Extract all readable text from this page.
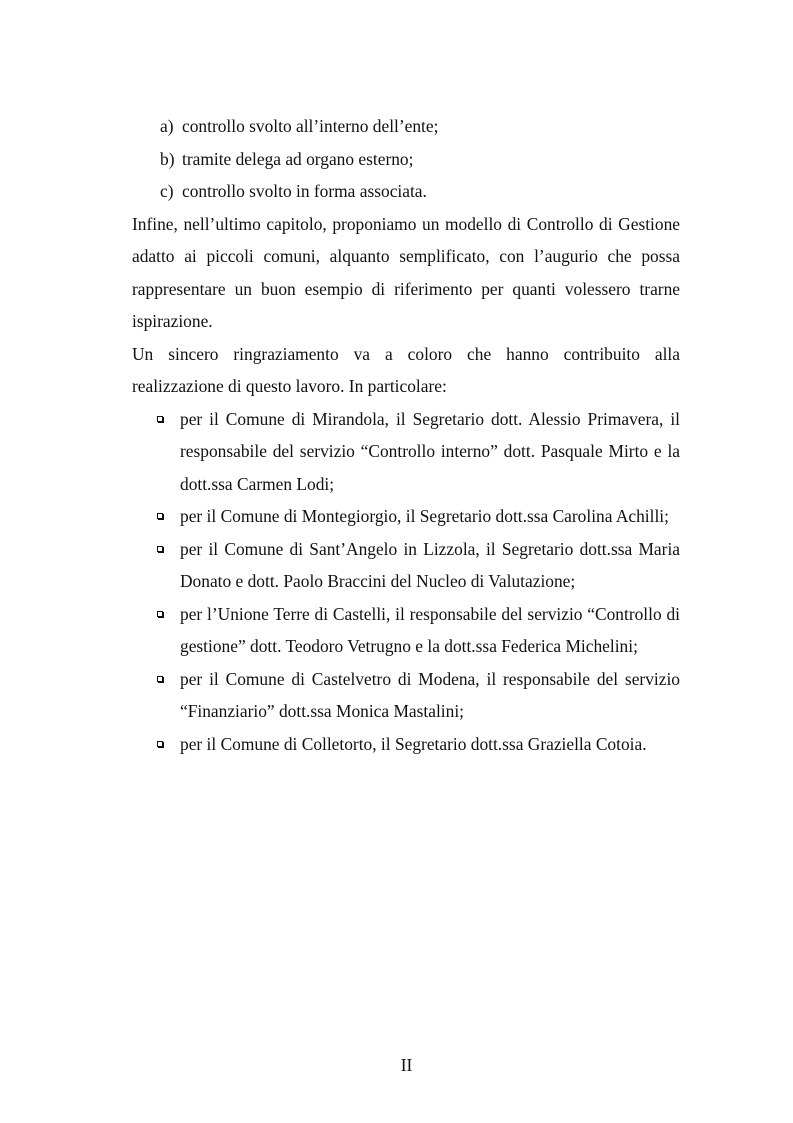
a) controllo svolto all’interno dell’ente;
b) tramite delega ad organo esterno;
c) controllo svolto in forma associata.

Infine, nell’ultimo capitolo, proponiamo un modello di Controllo di Gestione adatto ai piccoli comuni, alquanto semplificato, con l’augurio che possa rappresentare un buon esempio di riferimento per quanti volessero trarne ispirazione.

Un sincero ringraziamento va a coloro che hanno contribuito alla realizzazione di questo lavoro. In particolare:

per il Comune di Mirandola, il Segretario dott. Alessio Primavera, il responsabile del servizio “Controllo interno” dott. Pasquale Mirto e la dott.ssa Carmen Lodi;
per il Comune di Montegiorgio, il Segretario dott.ssa Carolina Achilli;
per il Comune di Sant’Angelo in Lizzola, il Segretario dott.ssa Maria Donato e dott. Paolo Braccini del Nucleo di Valutazione;
per l’Unione Terre di Castelli, il responsabile del servizio “Controllo di gestione” dott. Teodoro Vetrugno e la dott.ssa Federica Michelini;
per il Comune di Castelvetro di Modena, il responsabile del servizio “Finanziario” dott.ssa Monica Mastalini;
per il Comune di Colletorto, il Segretario dott.ssa Graziella Cotoia.
II
